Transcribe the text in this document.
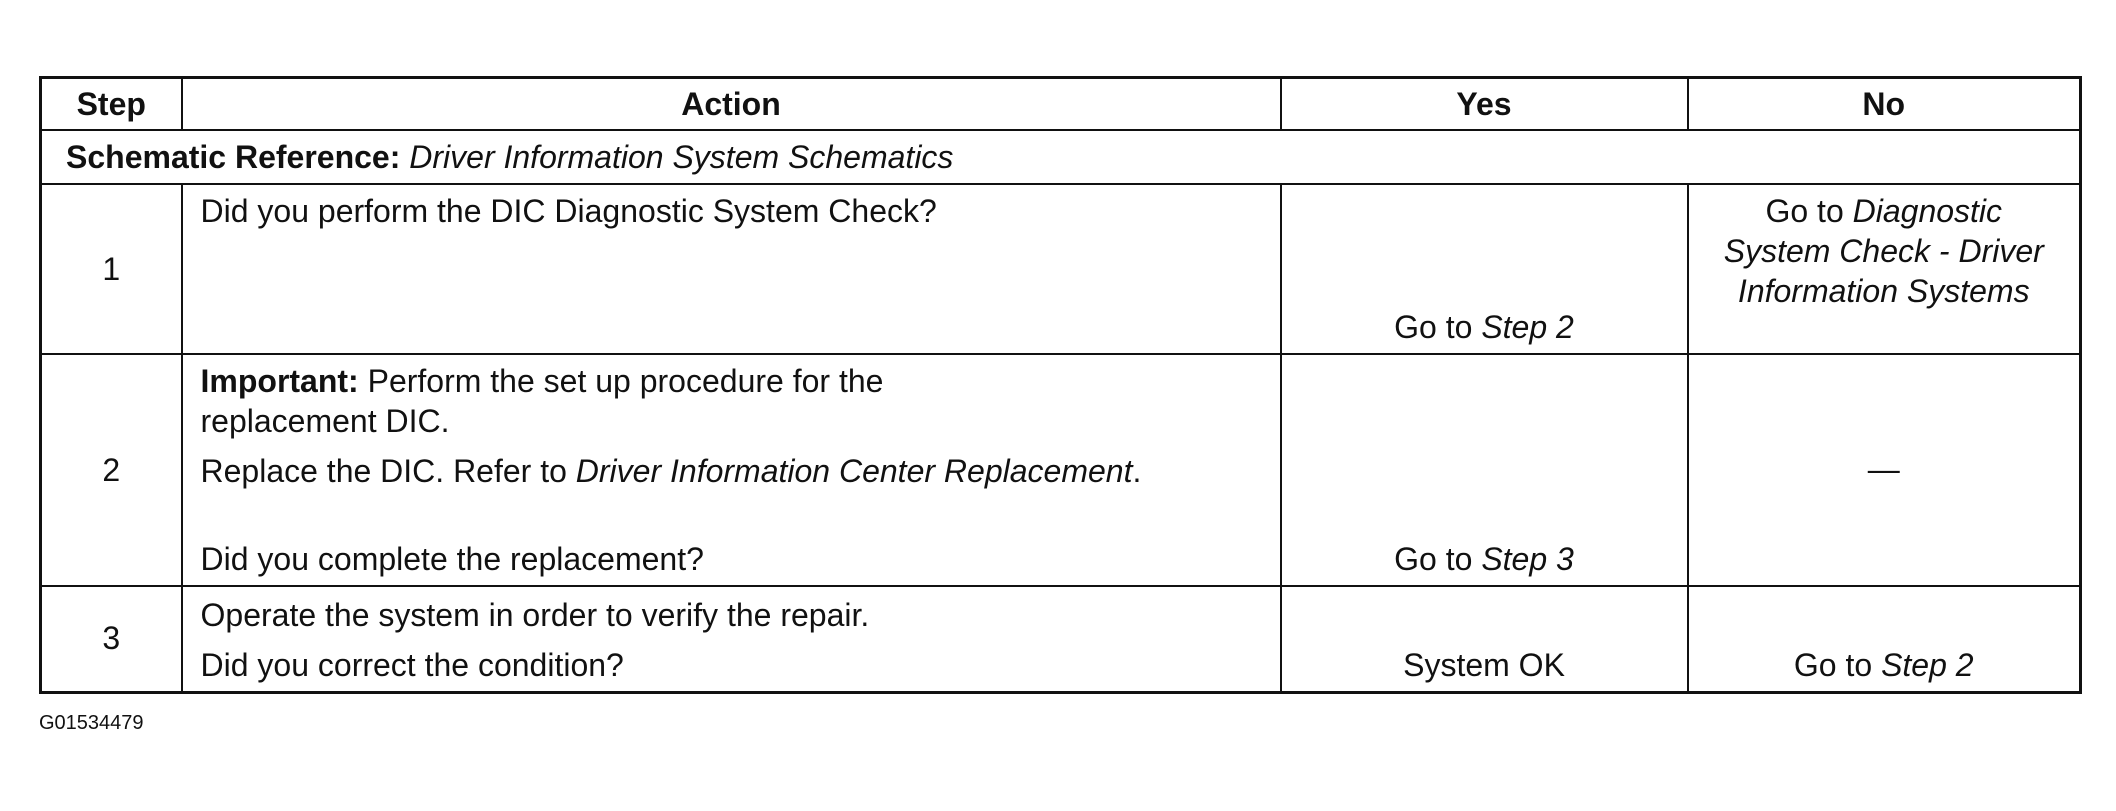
Step	Action	Yes	No
Schematic Reference: Driver Information System Schematics			
1	Did you perform the DIC Diagnostic System Check?	Go to Step 2	Go to Diagnostic
System Check - Driver
Information Systems

2	Important: Perform the set up procedure for the
replacement DIC.
Replace the DIC. Refer to Driver Information Center Replacement.
Did you complete the replacement?	Go to Step 3	—

3	Operate the system in order to verify the repair.
Did you correct the condition?	System OK	Go to Step 2
G01534479
